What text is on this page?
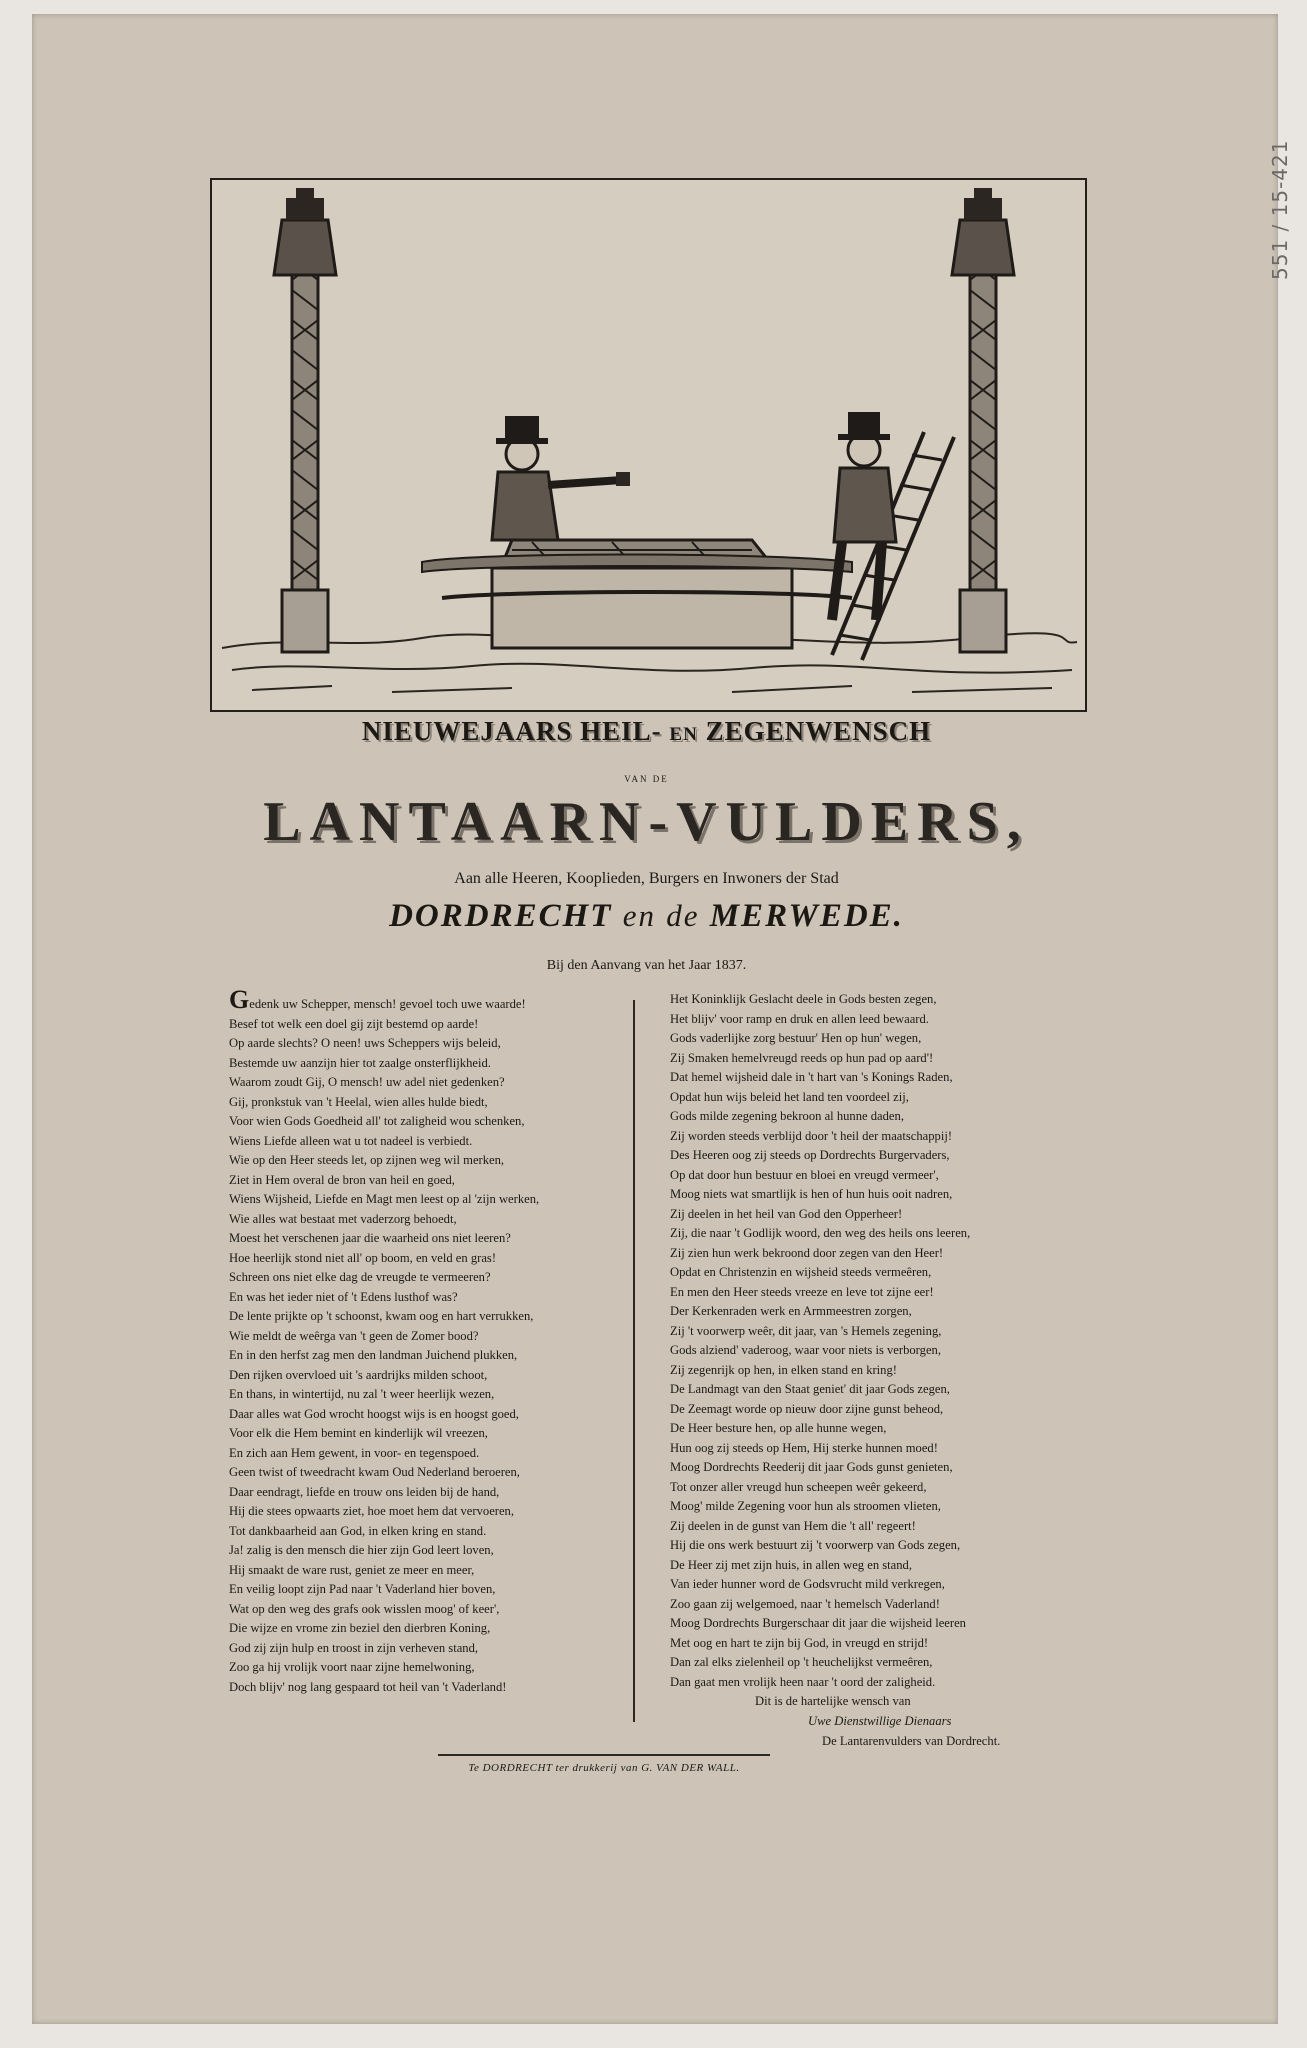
551 / 15-421
NIEUWEJAARS HEIL- EN ZEGENWENSCH
VAN DE
LANTAARN-VULDERS,
Aan alle Heeren, Kooplieden, Burgers en Inwoners der Stad
DORDRECHT en de MERWEDE.
Bij den Aanvang van het Jaar 1837.
Gedenk uw Schepper, mensch! gevoel toch uwe waarde!
Besef tot welk een doel gij zijt bestemd op aarde!
Op aarde slechts? O neen! uws Scheppers wijs beleid,
Bestemde uw aanzijn hier tot zaalge onsterflijkheid.
Waarom zoudt Gij, O mensch! uw adel niet gedenken?
Gij, pronkstuk van 't Heelal, wien alles hulde biedt,
Voor wien Gods Goedheid all' tot zaligheid wou schenken,
Wiens Liefde alleen wat u tot nadeel is verbiedt.
Wie op den Heer steeds let, op zijnen weg wil merken,
Ziet in Hem overal de bron van heil en goed,
Wiens Wijsheid, Liefde en Magt men leest op al 'zijn werken,
Wie alles wat bestaat met vaderzorg behoedt,
Moest het verschenen jaar die waarheid ons niet leeren?
Hoe heerlijk stond niet all' op boom, en veld en gras!
Schreen ons niet elke dag de vreugde te vermeeren?
En was het ieder niet of 't Edens lusthof was?
De lente prijkte op 't schoonst, kwam oog en hart verrukken,
Wie meldt de weêrga van 't geen de Zomer bood?
En in den herfst zag men den landman Juichend plukken,
Den rijken overvloed uit 's aardrijks milden schoot,
En thans, in wintertijd, nu zal 't weer heerlijk wezen,
Daar alles wat God wrocht hoogst wijs is en hoogst goed,
Voor elk die Hem bemint en kinderlijk wil vreezen,
En zich aan Hem gewent, in voor- en tegenspoed.
Geen twist of tweedracht kwam Oud Nederland beroeren,
Daar eendragt, liefde en trouw ons leiden bij de hand,
Hij die stees opwaarts ziet, hoe moet hem dat vervoeren,
Tot dankbaarheid aan God, in elken kring en stand.
Ja! zalig is den mensch die hier zijn God leert loven,
Hij smaakt de ware rust, geniet ze meer en meer,
En veilig loopt zijn Pad naar 't Vaderland hier boven,
Wat op den weg des grafs ook wisslen moog' of keer',
Die wijze en vrome zin beziel den dierbren Koning,
God zij zijn hulp en troost in zijn verheven stand,
Zoo ga hij vrolijk voort naar zijne hemelwoning,
Doch blijv' nog lang gespaard tot heil van 't Vaderland!
Het Koninklijk Geslacht deele in Gods besten zegen,
Het blijv' voor ramp en druk en allen leed bewaard.
Gods vaderlijke zorg bestuur' Hen op hun' wegen,
Zij Smaken hemelvreugd reeds op hun pad op aard'!
Dat hemel wijsheid dale in 't hart van 's Konings Raden,
Opdat hun wijs beleid het land ten voordeel zij,
Gods milde zegening bekroon al hunne daden,
Zij worden steeds verblijd door 't heil der maatschappij!
Des Heeren oog zij steeds op Dordrechts Burgervaders,
Op dat door hun bestuur en bloei en vreugd vermeer',
Moog niets wat smartlijk is hen of hun huis ooit nadren,
Zij deelen in het heil van God den Opperheer!
Zij, die naar 't Godlijk woord, den weg des heils ons leeren,
Zij zien hun werk bekroond door zegen van den Heer!
Opdat en Christenzin en wijsheid steeds vermeêren,
En men den Heer steeds vreeze en leve tot zijne eer!
Der Kerkenraden werk en Armmeestren zorgen,
Zij 't voorwerp weêr, dit jaar, van 's Hemels zegening,
Gods alziend' vaderoog, waar voor niets is verborgen,
Zij zegenrijk op hen, in elken stand en kring!
De Landmagt van den Staat geniet' dit jaar Gods zegen,
De Zeemagt worde op nieuw door zijne gunst beheod,
De Heer besture hen, op alle hunne wegen,
Hun oog zij steeds op Hem, Hij sterke hunnen moed!
Moog Dordrechts Reederij dit jaar Gods gunst genieten,
Tot onzer aller vreugd hun scheepen weêr gekeerd,
Moog' milde Zegening voor hun als stroomen vlieten,
Zij deelen in de gunst van Hem die 't all' regeert!
Hij die ons werk bestuurt zij 't voorwerp van Gods zegen,
De Heer zij met zijn huis, in allen weg en stand,
Van ieder hunner word de Godsvrucht mild verkregen,
Zoo gaan zij welgemoed, naar 't hemelsch Vaderland!
Moog Dordrechts Burgerschaar dit jaar die wijsheid leeren
Met oog en hart te zijn bij God, in vreugd en strijd!
Dan zal elks zielenheil op 't heuchelijkst vermeêren,
Dan gaat men vrolijk heen naar 't oord der zaligheid.
Dit is de hartelijke wensch van
Uwe Dienstwillige Dienaars
De Lantarenvulders van Dordrecht.
Te DORDRECHT ter drukkerij van G. VAN DER WALL.
